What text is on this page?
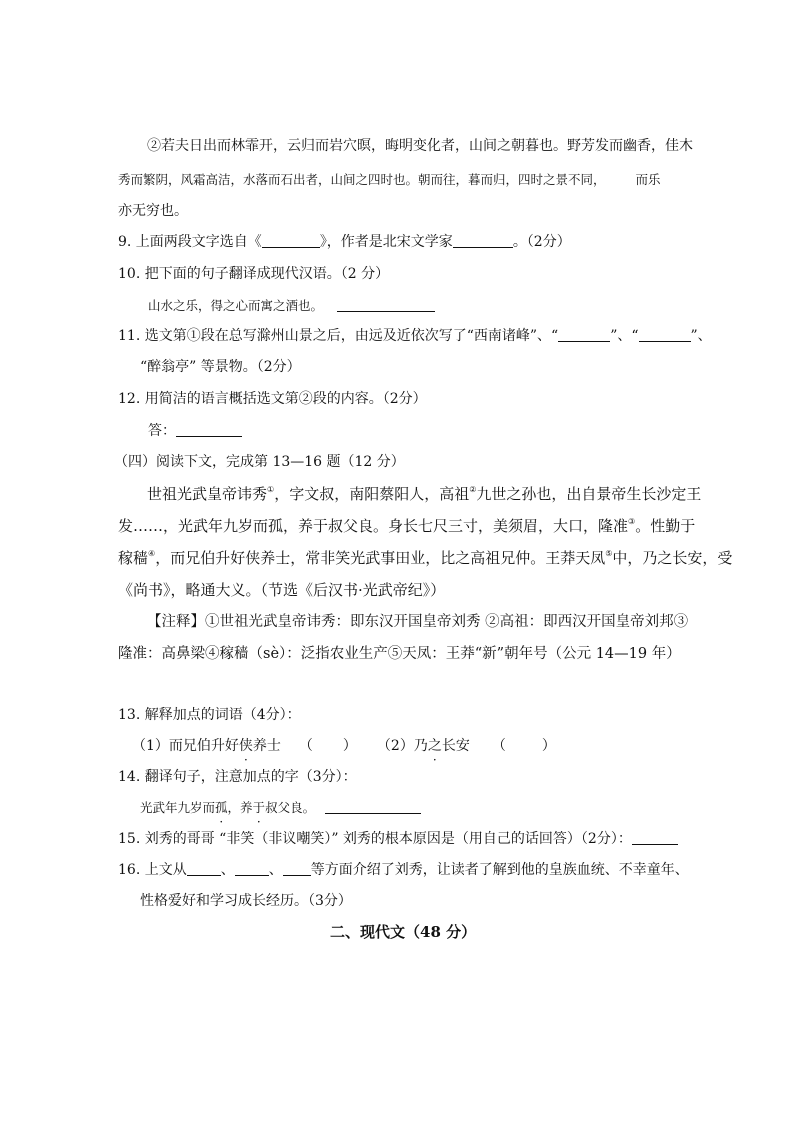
②若夫日出而林霏开，云归而岩穴暝，晦明变化者，山间之朝暮也。野芳发而幽香，佳木
秀而繁阴，风霜高洁，水落而石出者，山间之四时也。朝而往，暮而归，四时之景不同， 而乐
亦无穷也。
9. 上面两段文字选自《	》，作者是北宋文学家	。（2分）
10. 把下面的句子翻译成现代汉语。（2 分）
山水之乐，得之心而寓之酒也。
11. 选文第①段在总写滁州山景之后，由远及近依次写了“西南诸峰”、“	”、“	”、
“醉翁亭” 等景物。（2分）
12. 用简洁的语言概括选文第②段的内容。（2分）
答：
（四）阅读下文，完成第 13—16 题（12 分）
世祖光武皇帝讳秀①，字文叔，南阳蔡阳人，高祖②九世之孙也，出自景帝生长沙定王
发……，光武年九岁而孤，养于叔父良。身长七尺三寸，美须眉，大口，隆准③。性勤于
稼穑④，而兄伯升好侠养士，常非笑光武事田业，比之高祖兄仲。王莽天凤⑤中，乃之长安，受
《尚书》，略通大义。（节选《后汉书·光武帝纪》）
【注释】①世祖光武皇帝讳秀：即东汉开国皇帝刘秀 ②高祖：即西汉开国皇帝刘邦③
隆准：高鼻梁④稼穑（sè）：泛指农业生产⑤天凤：王莽“新”朝年号（公元 14—19 年）
13. 解释加点的词语（4分）：
（1）而兄伯升好侠养士 （ ） （2）乃之长安 （	）
14. 翻译句子，注意加点的字（3分）：
光武年九岁而孤，养于叔父良。
15. 刘秀的哥哥 “非笑（非议嘲笑）” 刘秀的根本原因是（用自己的话回答）（2分）：
16. 上文从 、 、 等方面介绍了刘秀，让读者了解到他的皇族血统、不幸童年、
性格爱好和学习成长经历。（3分）
二、现代文（48 分）
